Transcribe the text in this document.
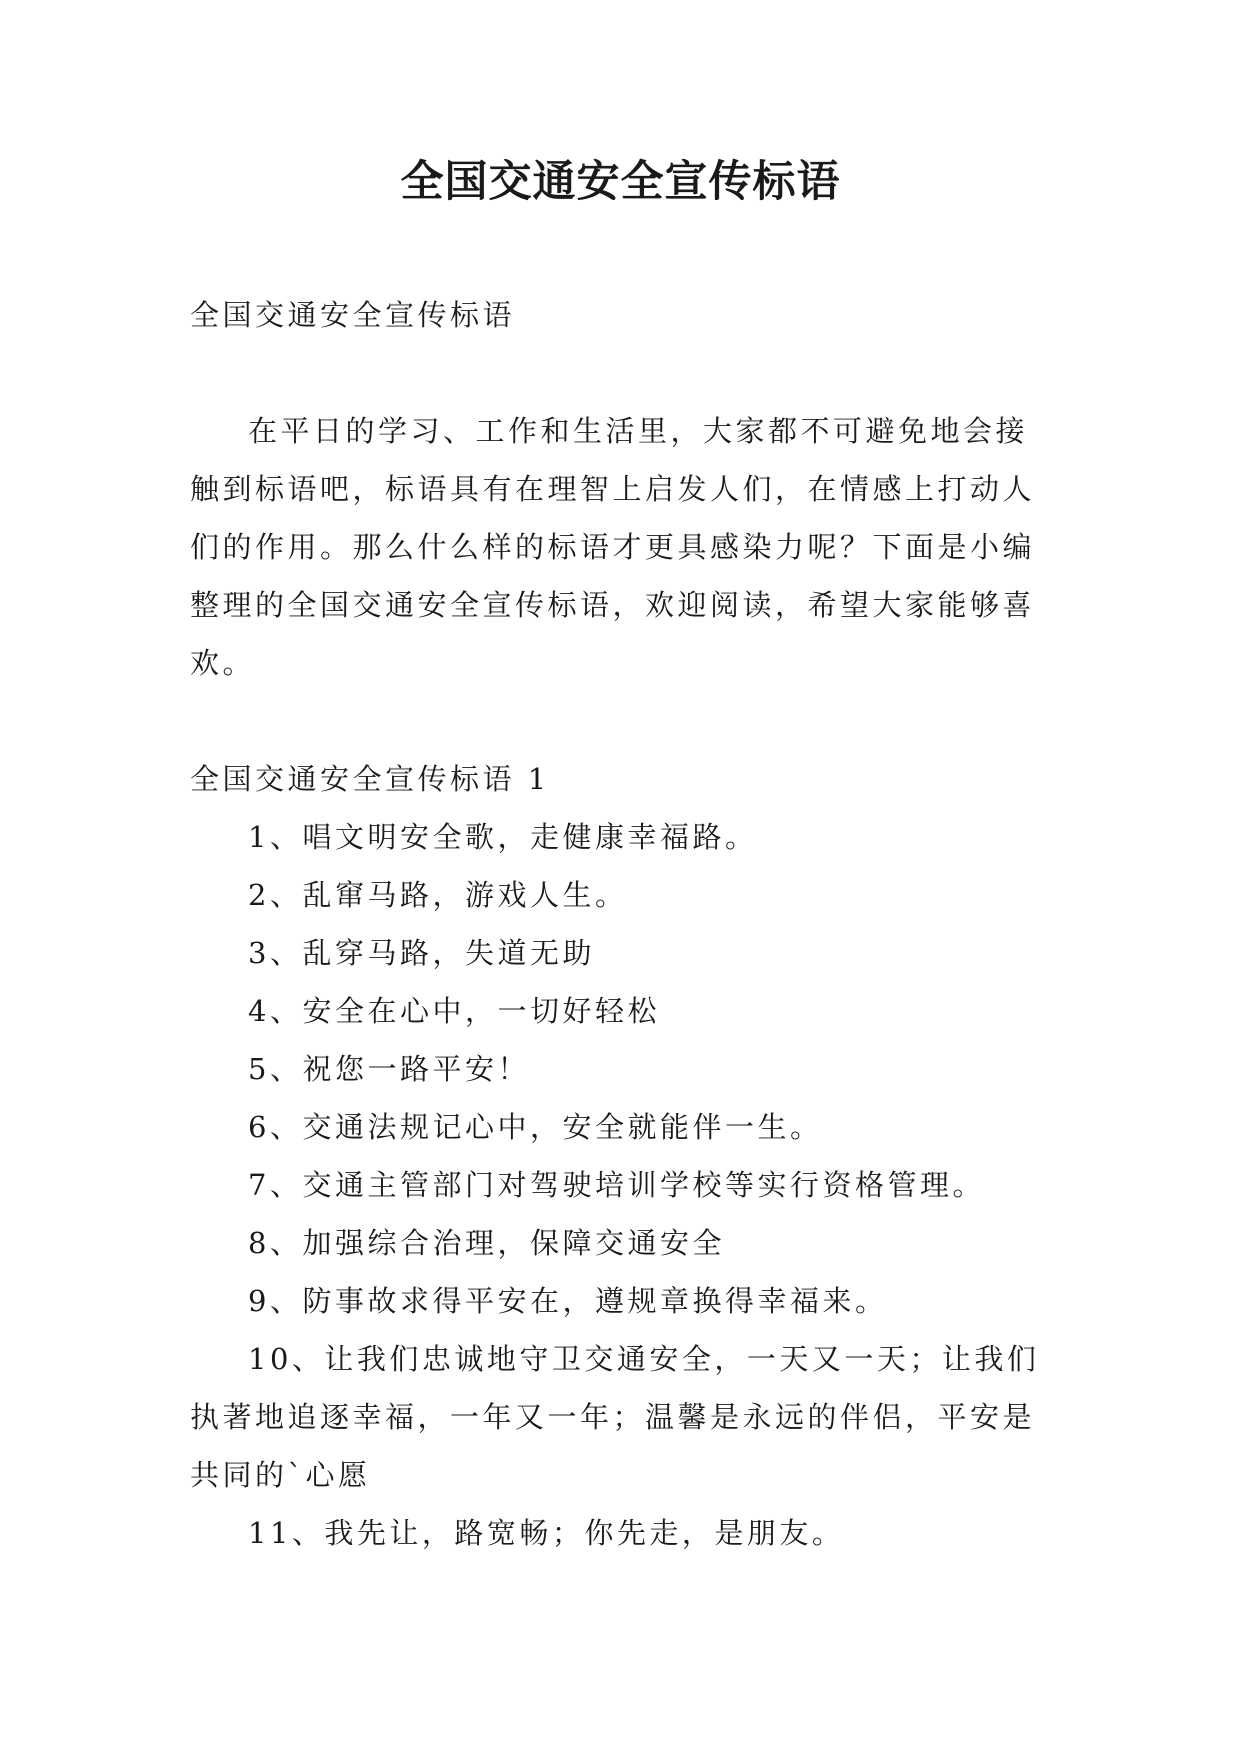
全国交通安全宣传标语

全国交通安全宣传标语

在平日的学习、工作和生活里，大家都不可避免地会接触到标语吧，标语具有在理智上启发人们，在情感上打动人们的作用。那么什么样的标语才更具感染力呢？下面是小编整理的全国交通安全宣传标语，欢迎阅读，希望大家能够喜欢。

全国交通安全宣传标语 1

1、唱文明安全歌，走健康幸福路。

2、乱窜马路，游戏人生。

3、乱穿马路，失道无助

4、安全在心中，一切好轻松

5、祝您一路平安！

6、交通法规记心中，安全就能伴一生。

7、交通主管部门对驾驶培训学校等实行资格管理。

8、加强综合治理，保障交通安全

9、防事故求得平安在，遵规章换得幸福来。

10、让我们忠诚地守卫交通安全，一天又一天；让我们执著地追逐幸福，一年又一年；温馨是永远的伴侣，平安是共同的`心愿

11、我先让，路宽畅；你先走，是朋友。
